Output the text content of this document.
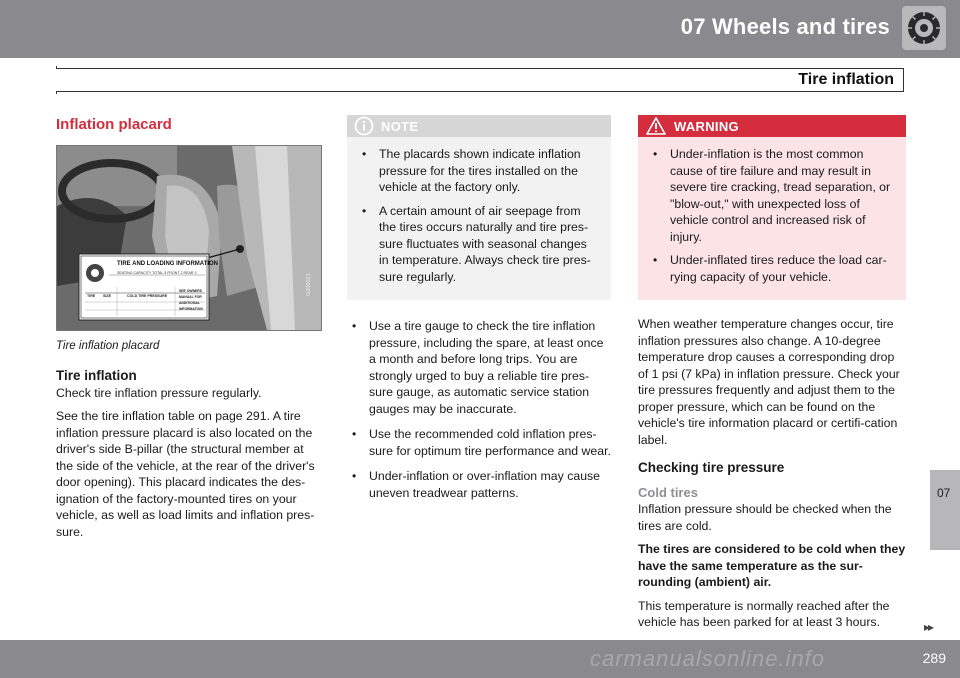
07 Wheels and tires
Tire inflation
Inflation placard
TIRE AND LOADING INFORMATION
SEATING CAPACITY TOTAL 5 FRONT 2 REAR 3
TIRE SIZE	COLD TIRE PRESSURE
SEE OWNERS MANUAL FOR ADDITIONAL INFORMATION
G000021
Tire inflation placard
Tire inflation

Check tire inflation pressure regularly.

See the tire inflation table on page 291. A tire inflation pressure placard is also located on the driver's side B-pillar (the structural member at the side of the vehicle, at the rear of the driver's door opening). This placard indicates the des-ignation of the factory-mounted tires on your vehicle, as well as load limits and inflation pres-sure.

NOTE
• The placards shown indicate inflation pressure for the tires installed on the vehicle at the factory only.
• A certain amount of air seepage from the tires occurs naturally and tire pres-sure fluctuates with seasonal changes in temperature. Always check tire pres-sure regularly.
• Use a tire gauge to check the tire inflation pressure, including the spare, at least once a month and before long trips. You are strongly urged to buy a reliable tire pres-sure gauge, as automatic service station gauges may be inaccurate.
• Use the recommended cold inflation pres-sure for optimum tire performance and wear.
• Under-inflation or over-inflation may cause uneven treadwear patterns.
WARNING
• Under-inflation is the most common cause of tire failure and may result in severe tire cracking, tread separation, or "blow-out," with unexpected loss of vehicle control and increased risk of injury.
• Under-inflated tires reduce the load car-rying capacity of your vehicle.

When weather temperature changes occur, tire inflation pressures also change. A 10-degree temperature drop causes a corresponding drop of 1 psi (7 kPa) in inflation pressure. Check your tire pressures frequently and adjust them to the proper pressure, which can be found on the vehicle's tire information placard or certifi-cation label.

Checking tire pressure
Cold tires

Inflation pressure should be checked when the tires are cold.

The tires are considered to be cold when they have the same temperature as the sur-rounding (ambient) air.

This temperature is normally reached after the vehicle has been parked for at least 3 hours.

07
carmanualsonline.info
▸▸
289
